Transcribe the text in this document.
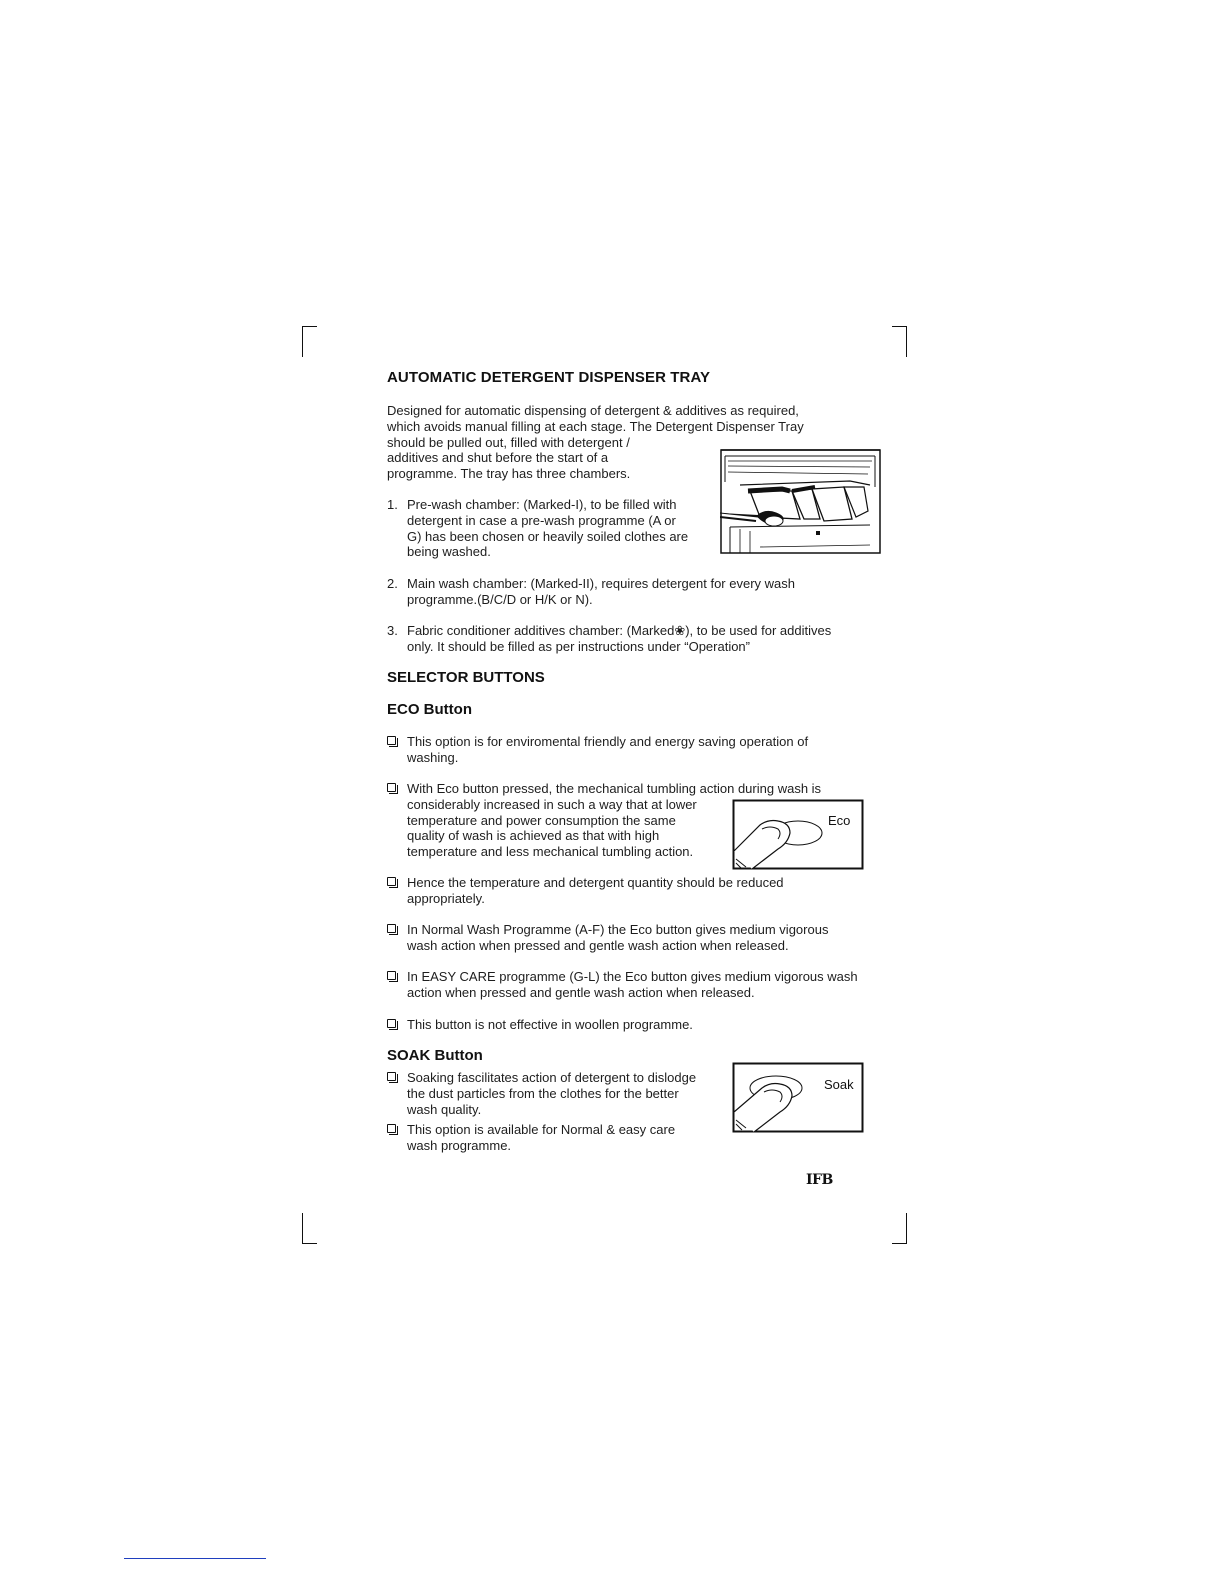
AUTOMATIC DETERGENT DISPENSER TRAY
Designed for automatic dispensing of detergent & additives as required,
which avoids manual filling at each stage. The Detergent Dispenser Tray
should be pulled out, filled with detergent /
additives and shut before the start of a
programme. The tray has three chambers.
1. Pre-wash chamber: (Marked-I), to be filled with
detergent in case a pre-wash programme (A or
G) has been chosen or heavily soiled clothes are
being washed.
2. Main wash chamber: (Marked-II), requires detergent for every wash
programme.(B/C/D or H/K or N).
3. Fabric conditioner additives chamber: (Marked❀), to be used for additives
only. It should be filled as per instructions under “Operation”
SELECTOR BUTTONS
ECO Button
This option is for enviromental friendly and energy saving operation of
washing.
With Eco button pressed, the mechanical tumbling action during wash is
considerably increased in such a way that at lower
temperature and power consumption the same
quality of wash is achieved as that with high
temperature and less mechanical tumbling action.
Eco
Hence the temperature and detergent quantity should be reduced
appropriately.
In Normal Wash Programme (A-F) the Eco button gives medium vigorous
wash action when pressed and gentle wash action when released.
In EASY CARE programme (G-L) the Eco button gives medium vigorous wash
action when pressed and gentle wash action when released.
This button is not effective in woollen programme.
SOAK Button
Soaking fascilitates action of detergent to dislodge
the dust particles from the clothes for the better
wash quality.
This option is available for Normal & easy care
wash programme.
Soak
IFB
